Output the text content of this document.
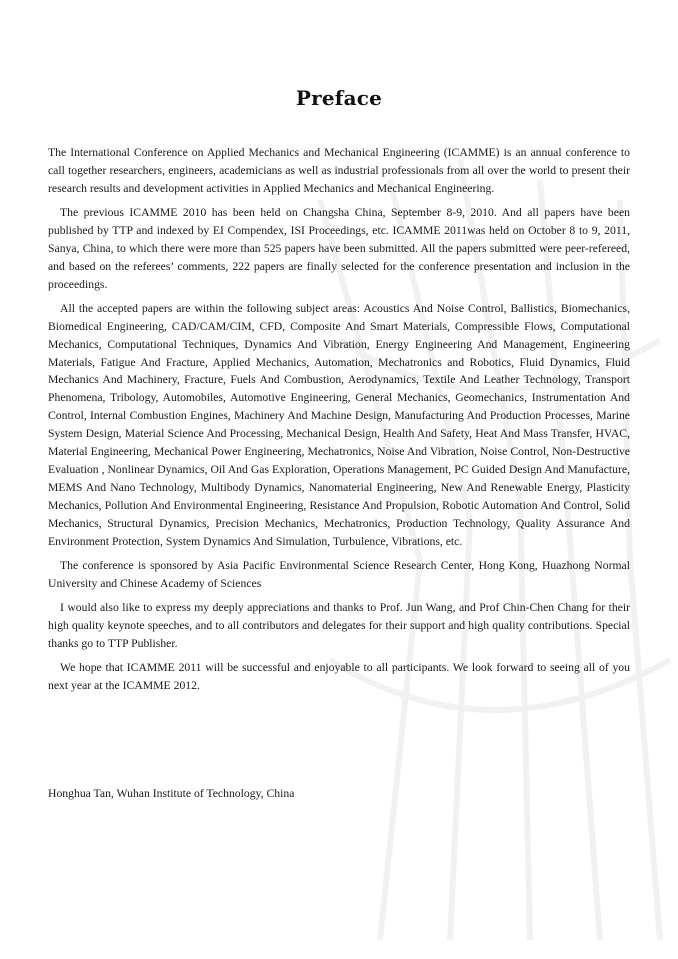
Preface

The International Conference on Applied Mechanics and Mechanical Engineering (ICAMME) is an annual conference to call together researchers, engineers, academicians as well as industrial professionals from all over the world to present their research results and development activities in Applied Mechanics and Mechanical Engineering.

The previous ICAMME 2010 has been held on Changsha China, September 8-9, 2010. And all papers have been published by TTP and indexed by EI Compendex, ISI Proceedings, etc. ICAMME 2011was held on October 8 to 9, 2011, Sanya, China, to which there were more than 525 papers have been submitted. All the papers submitted were peer-refereed, and based on the referees’ comments, 222 papers are finally selected for the conference presentation and inclusion in the proceedings.

All the accepted papers are within the following subject areas: Acoustics And Noise Control, Ballistics, Biomechanics, Biomedical Engineering, CAD/CAM/CIM, CFD, Composite And Smart Materials, Compressible Flows, Computational Mechanics, Computational Techniques, Dynamics And Vibration, Energy Engineering And Management, Engineering Materials, Fatigue And Fracture, Applied Mechanics, Automation, Mechatronics and Robotics, Fluid Dynamics, Fluid Mechanics And Machinery, Fracture, Fuels And Combustion, Aerodynamics, Textile And Leather Technology, Transport Phenomena, Tribology, Automobiles, Automotive Engineering, General Mechanics, Geomechanics, Instrumentation And Control, Internal Combustion Engines, Machinery And Machine Design, Manufacturing And Production Processes, Marine System Design, Material Science And Processing, Mechanical Design, Health And Safety, Heat And Mass Transfer, HVAC, Material Engineering, Mechanical Power Engineering, Mechatronics, Noise And Vibration, Noise Control, Non-Destructive Evaluation , Nonlinear Dynamics, Oil And Gas Exploration, Operations Management, PC Guided Design And Manufacture, MEMS And Nano Technology, Multibody Dynamics, Nanomaterial Engineering, New And Renewable Energy, Plasticity Mechanics, Pollution And Environmental Engineering, Resistance And Propulsion, Robotic Automation And Control, Solid Mechanics, Structural Dynamics, Precision Mechanics, Mechatronics, Production Technology, Quality Assurance And Environment Protection, System Dynamics And Simulation, Turbulence, Vibrations, etc.

The conference is sponsored by Asia Pacific Environmental Science Research Center, Hong Kong, Huazhong Normal University and Chinese Academy of Sciences

I would also like to express my deeply appreciations and thanks to Prof. Jun Wang, and Prof Chin-Chen Chang for their high quality keynote speeches, and to all contributors and delegates for their support and high quality contributions. Special thanks go to TTP Publisher.

We hope that ICAMME 2011 will be successful and enjoyable to all participants. We look forward to seeing all of you next year at the ICAMME 2012.

Honghua Tan, Wuhan Institute of Technology, China
